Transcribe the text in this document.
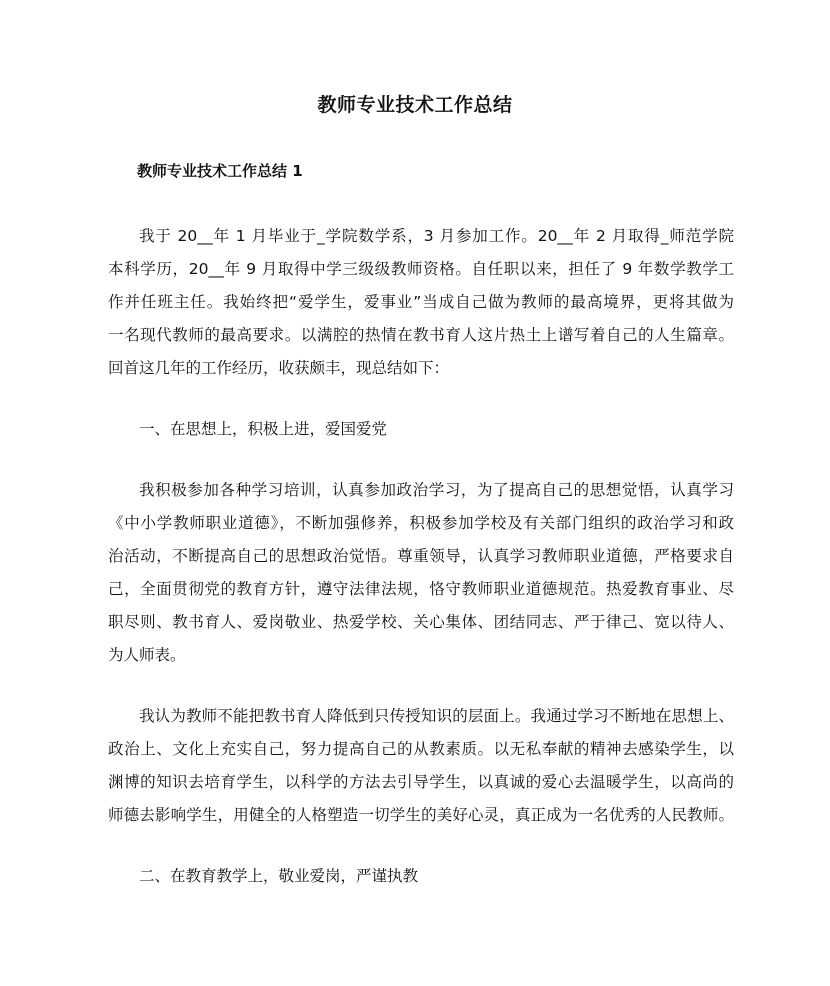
教师专业技术工作总结
教师专业技术工作总结 1
我于 20__年 1 月毕业于_学院数学系，3 月参加工作。20__年 2 月取得_师范学院
本科学历，20__年 9 月取得中学三级级教师资格。自任职以来，担任了 9 年数学教学工
作并任班主任。我始终把“爱学生，爱事业”当成自己做为教师的最高境界，更将其做为
一名现代教师的最高要求。以满腔的热情在教书育人这片热土上谱写着自己的人生篇章。
回首这几年的工作经历，收获颇丰，现总结如下：
一、在思想上，积极上进，爱国爱党
我积极参加各种学习培训，认真参加政治学习，为了提高自己的思想觉悟，认真学习
《中小学教师职业道德》，不断加强修养，积极参加学校及有关部门组织的政治学习和政
治活动，不断提高自己的思想政治觉悟。尊重领导，认真学习教师职业道德，严格要求自
己，全面贯彻党的教育方针，遵守法律法规，恪守教师职业道德规范。热爱教育事业、尽
职尽则、教书育人、爱岗敬业、热爱学校、关心集体、团结同志、严于律己、宽以待人、
为人师表。
我认为教师不能把教书育人降低到只传授知识的层面上。我通过学习不断地在思想上、
政治上、文化上充实自己，努力提高自己的从教素质。以无私奉献的精神去感染学生，以
渊博的知识去培育学生，以科学的方法去引导学生，以真诚的爱心去温暖学生，以高尚的
师德去影响学生，用健全的人格塑造一切学生的美好心灵，真正成为一名优秀的人民教师。
二、在教育教学上，敬业爱岗，严谨执教
